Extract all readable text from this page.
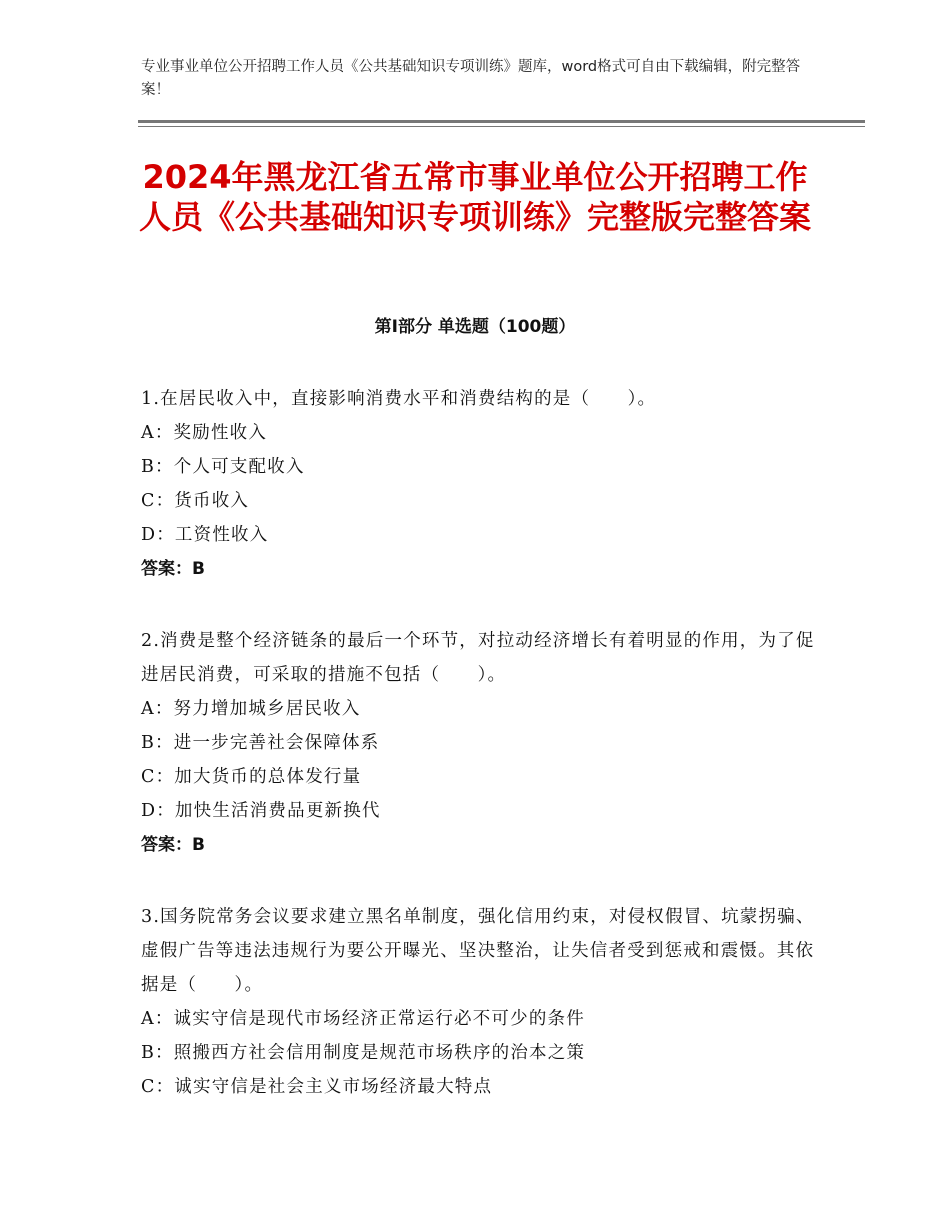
专业事业单位公开招聘工作人员《公共基础知识专项训练》题库，word格式可自由下载编辑，附完整答案！
2024年黑龙江省五常市事业单位公开招聘工作人员《公共基础知识专项训练》完整版完整答案
第Ⅰ部分 单选题（100题）
1.在居民收入中，直接影响消费水平和消费结构的是（　　）。
A：奖励性收入
B：个人可支配收入
C：货币收入
D：工资性收入
答案：B
2.消费是整个经济链条的最后一个环节，对拉动经济增长有着明显的作用，为了促进居民消费，可采取的措施不包括（　　）。
A：努力增加城乡居民收入
B：进一步完善社会保障体系
C：加大货币的总体发行量
D：加快生活消费品更新换代
答案：B
3.国务院常务会议要求建立黑名单制度，强化信用约束，对侵权假冒、坑蒙拐骗、虚假广告等违法违规行为要公开曝光、坚决整治，让失信者受到惩戒和震慑。其依据是（　　）。
A：诚实守信是现代市场经济正常运行必不可少的条件
B：照搬西方社会信用制度是规范市场秩序的治本之策
C：诚实守信是社会主义市场经济最大特点
